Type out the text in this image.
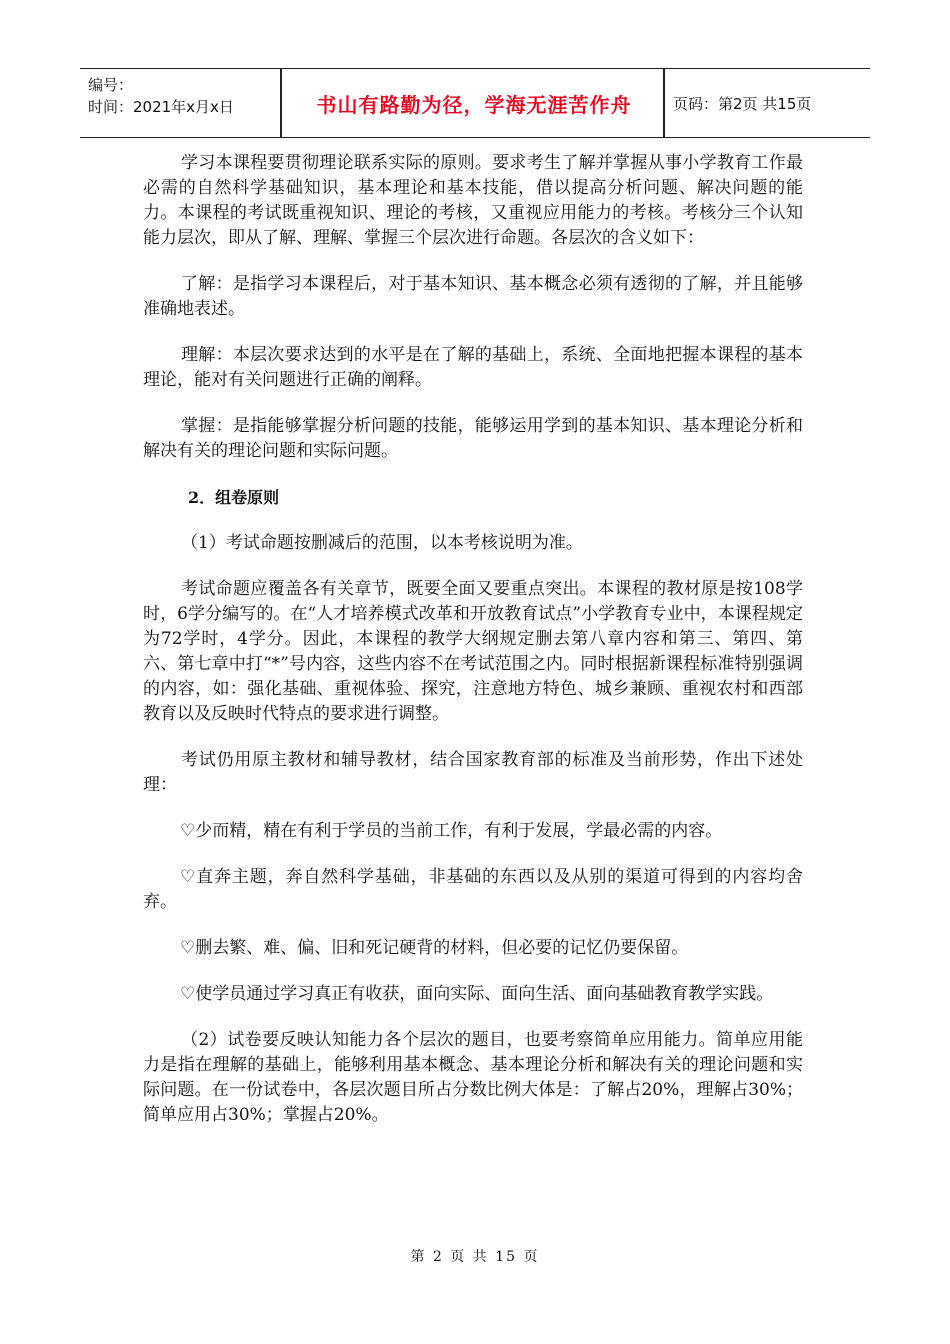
编号：
时间：2021年x月x日	书山有路勤为径，学海无涯苦作舟	页码：第2页 共15页

学习本课程要贯彻理论联系实际的原则。要求考生了解并掌握从事小学教育工作最必需的自然科学基础知识，基本理论和基本技能，借以提高分析问题、解决问题的能力。本课程的考试既重视知识、理论的考核，又重视应用能力的考核。考核分三个认知能力层次，即从了解、理解、掌握三个层次进行命题。各层次的含义如下：

了解：是指学习本课程后，对于基本知识、基本概念必须有透彻的了解，并且能够准确地表述。

理解：本层次要求达到的水平是在了解的基础上，系统、全面地把握本课程的基本理论，能对有关问题进行正确的阐释。

掌握：是指能够掌握分析问题的技能，能够运用学到的基本知识、基本理论分析和解决有关的理论问题和实际问题。

2．组卷原则

（1）考试命题按删减后的范围，以本考核说明为准。

考试命题应覆盖各有关章节，既要全面又要重点突出。本课程的教材原是按108学时，6学分编写的。在“人才培养模式改革和开放教育试点”小学教育专业中，本课程规定为72学时，4学分。因此，本课程的教学大纲规定删去第八章内容和第三、第四、第六、第七章中打“*”号内容，这些内容不在考试范围之内。同时根据新课程标准特别强调的内容，如：强化基础、重视体验、探究，注意地方特色、城乡兼顾、重视农村和西部教育以及反映时代特点的要求进行调整。

考试仍用原主教材和辅导教材，结合国家教育部的标准及当前形势，作出下述处理：

♡少而精，精在有利于学员的当前工作，有利于发展，学最必需的内容。

♡直奔主题，奔自然科学基础，非基础的东西以及从别的渠道可得到的内容均舍弃。

♡删去繁、难、偏、旧和死记硬背的材料，但必要的记忆仍要保留。

♡使学员通过学习真正有收获，面向实际、面向生活、面向基础教育教学实践。

（2）试卷要反映认知能力各个层次的题目，也要考察简单应用能力。简单应用能力是指在理解的基础上，能够利用基本概念、基本理论分析和解决有关的理论问题和实际问题。在一份试卷中，各层次题目所占分数比例大体是：了解占20%，理解占30%；简单应用占30%；掌握占20%。

第 2 页 共 15 页
